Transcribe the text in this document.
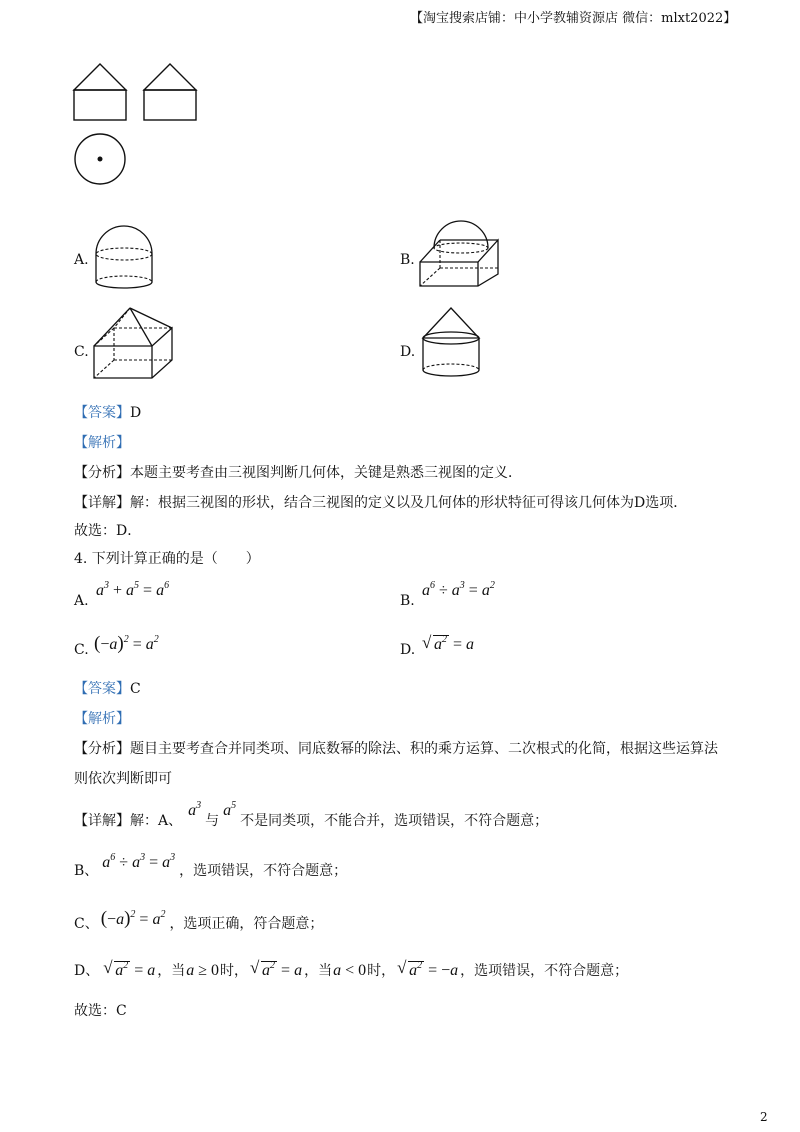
【淘宝搜索店铺：中小学教辅资源店 微信：mlxt2022】
A.	B.
C.	D.
【答案】D
【解析】
【分析】本题主要考查由三视图判断几何体，关键是熟悉三视图的定义．
【详解】解：根据三视图的形状，结合三视图的定义以及几何体的形状特征可得该几何体为D选项．
故选：D．
4. 下列计算正确的是（　　）
A.
$a^3 + a^5 = a^6$
B.
$a^6 \div a^3 = a^2$
C. $(-a)^2 = a^2$
D. √ $a^2 = a$
【答案】C
【解析】
【分析】题目主要考查合并同类项、同底数幂的除法、积的乘方运算、二次根式的化简，根据这些运算法
则依次判断即可
【详解】解：A、$a^3$与$a^5$不是同类项，不能合并，选项错误，不符合题意；
B、 $a^6 \div a^3 = a^3$，选项错误，不符合题意；
C、 $(-a)^2 = a^2$，选项正确，符合题意；
D、 √ $a^2 = a$ ，当a ≥ 0时， √ $a^2 = a$ ，当a < 0时， √ $a^2 = -a$ ，选项错误，不符合题意；
故选：C
2
